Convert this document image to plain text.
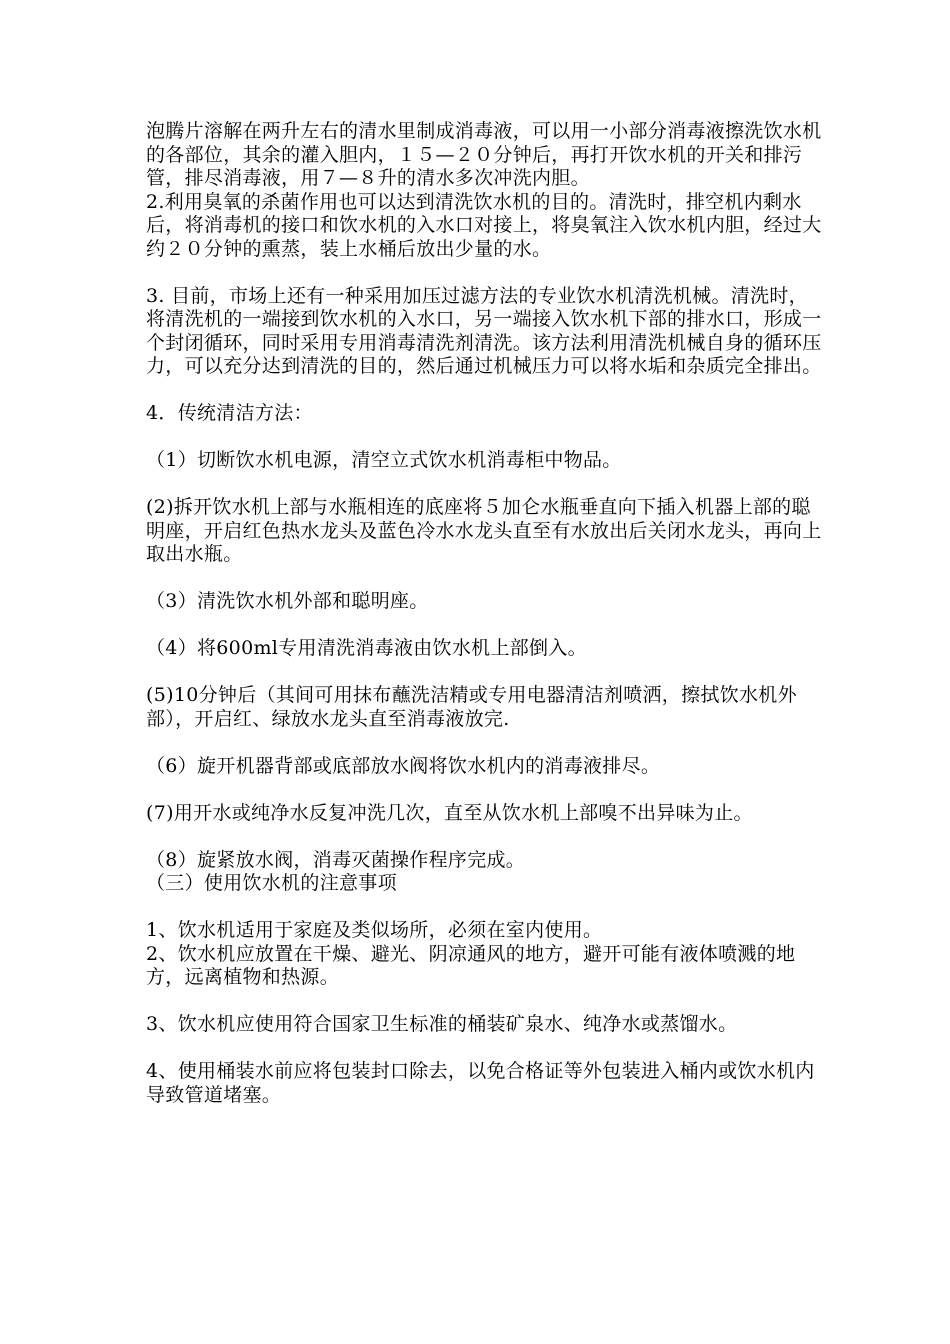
泡腾片溶解在两升左右的清水里制成消毒液，可以用一小部分消毒液擦洗饮水机的各部位，其余的灌入胆内，１５—２０分钟后，再打开饮水机的开关和排污管，排尽消毒液，用７—８升的清水多次冲洗内胆。

2.利用臭氧的杀菌作用也可以达到清洗饮水机的目的。清洗时，排空机内剩水后，将消毒机的接口和饮水机的入水口对接上，将臭氧注入饮水机内胆，经过大约２０分钟的熏蒸，装上水桶后放出少量的水。

3. 目前，市场上还有一种采用加压过滤方法的专业饮水机清洗机械。清洗时，将清洗机的一端接到饮水机的入水口，另一端接入饮水机下部的排水口，形成一个封闭循环，同时采用专用消毒清洗剂清洗。该方法利用清洗机械自身的循环压力，可以充分达到清洗的目的，然后通过机械压力可以将水垢和杂质完全排出。

4．传统清洁方法：

（1）切断饮水机电源，清空立式饮水机消毒柜中物品。

(2)拆开饮水机上部与水瓶相连的底座将５加仑水瓶垂直向下插入机器上部的聪明座，开启红色热水龙头及蓝色冷水水龙头直至有水放出后关闭水龙头，再向上取出水瓶。

（3）清洗饮水机外部和聪明座。

（4）将600ml专用清洗消毒液由饮水机上部倒入。

(5)10分钟后（其间可用抹布蘸洗洁精或专用电器清洁剂喷洒，擦拭饮水机外部），开启红、绿放水龙头直至消毒液放完.

（6）旋开机器背部或底部放水阀将饮水机内的消毒液排尽。

(7)用开水或纯净水反复冲洗几次，直至从饮水机上部嗅不出异味为止。

（8）旋紧放水阀，消毒灭菌操作程序完成。

（三）使用饮水机的注意事项

1、饮水机适用于家庭及类似场所，必须在室内使用。

2、饮水机应放置在干燥、避光、阴凉通风的地方，避开可能有液体喷溅的地方，远离植物和热源。

3、饮水机应使用符合国家卫生标准的桶装矿泉水、纯净水或蒸馏水。

4、使用桶装水前应将包装封口除去，以免合格证等外包装进入桶内或饮水机内导致管道堵塞。
